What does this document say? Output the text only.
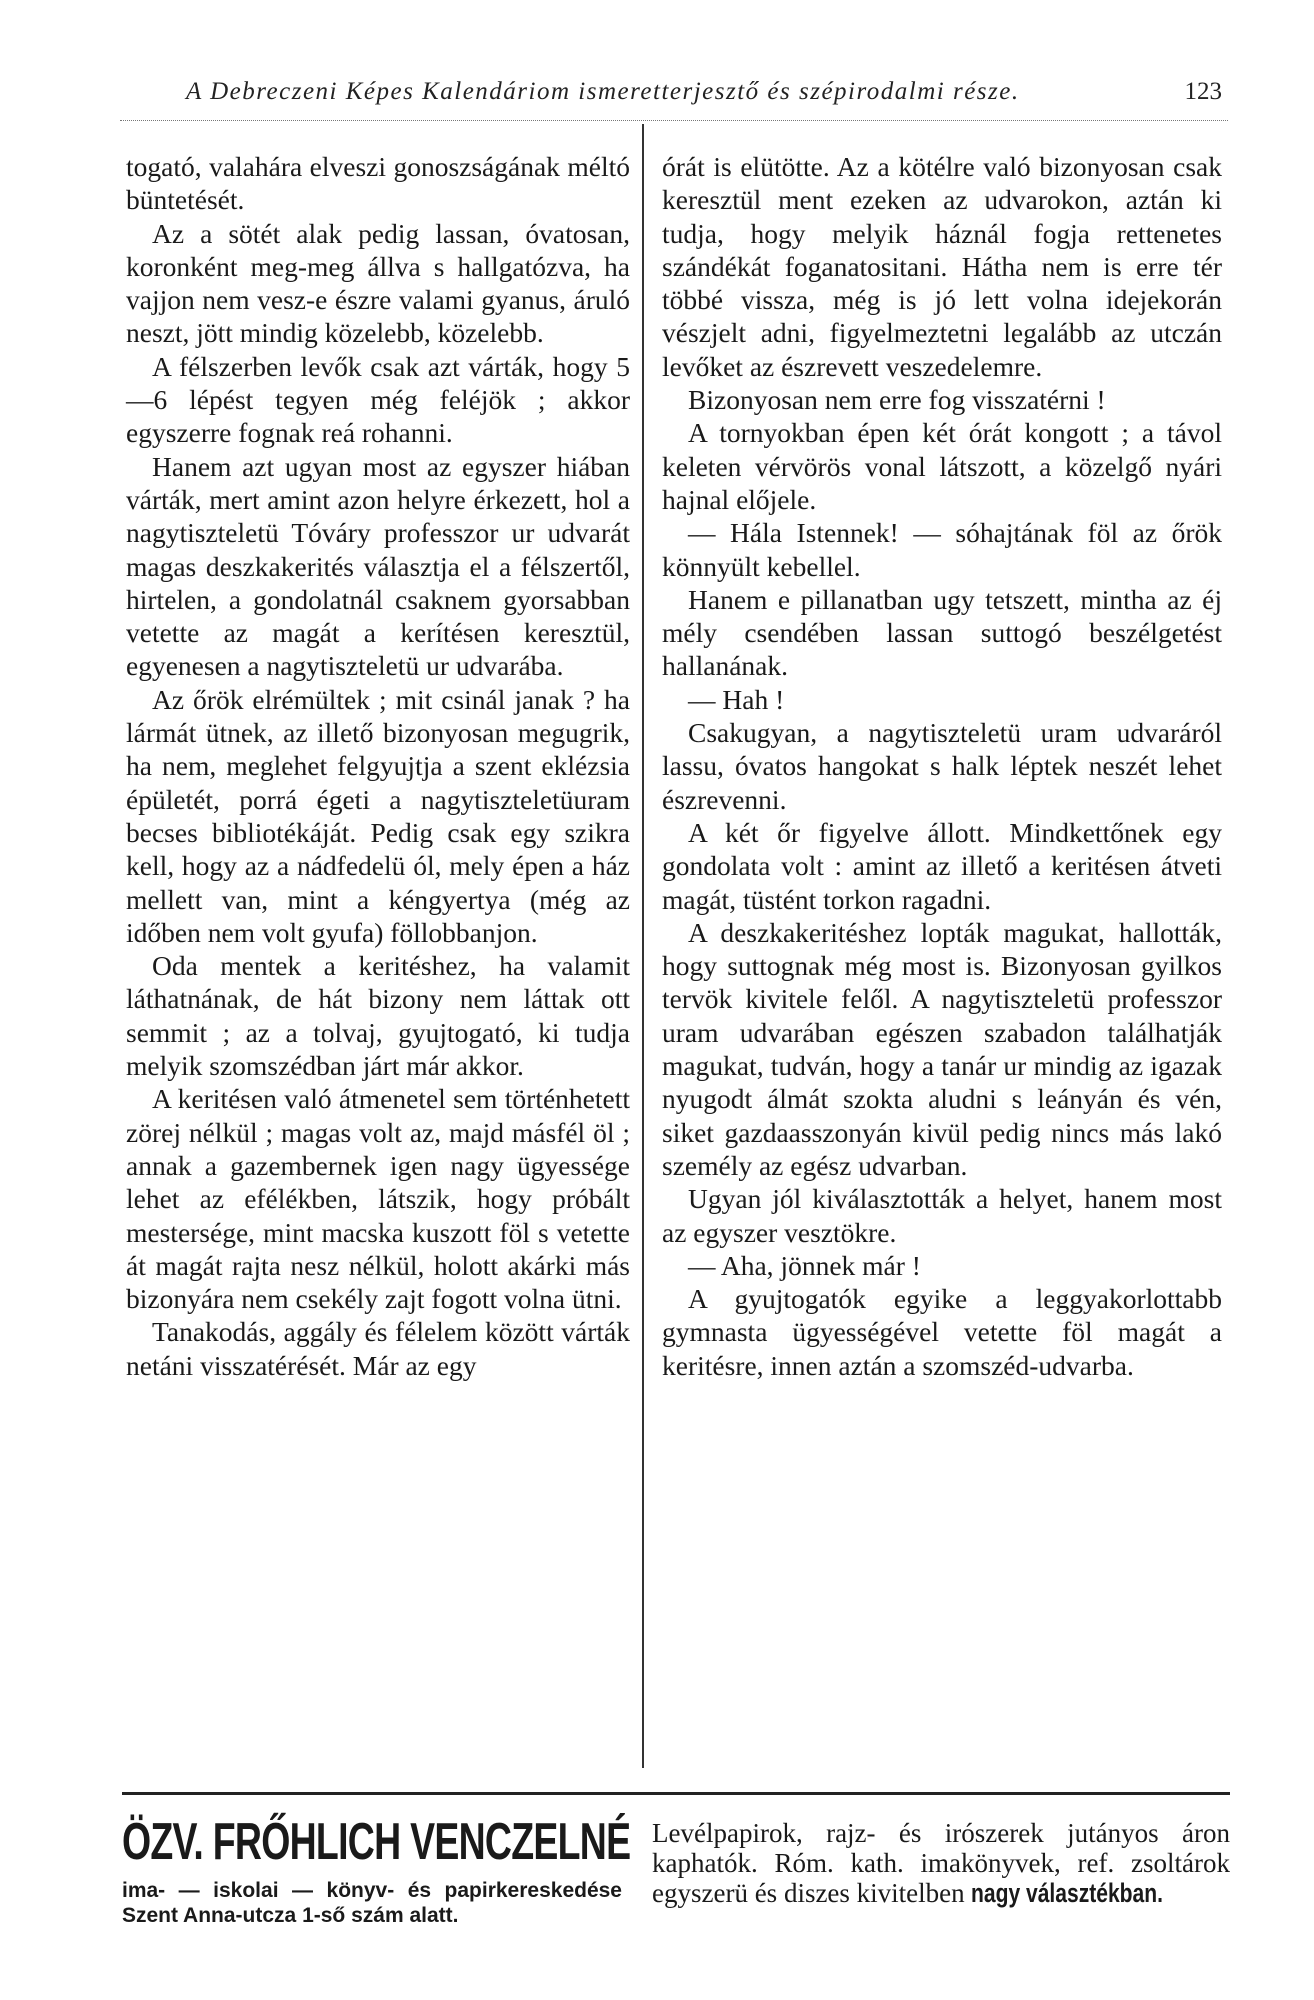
A Debreczeni Képes Kalendáriom ismeretterjesztő és szépirodalmi része.	123

togató, valahára elveszi gonoszságának méltó büntetését.

Az a sötét alak pedig lassan, óvatosan, koronként meg-meg állva s hallgatózva, ha vajjon nem vesz-e észre valami gyanus, áruló neszt, jött mindig közelebb, közelebb.

A félszerben levők csak azt várták, hogy 5—6 lépést tegyen még feléjök ; akkor egyszerre fognak reá rohanni.

Hanem azt ugyan most az egyszer hiában várták, mert amint azon helyre érkezett, hol a nagytiszteletü Tóváry professzor ur udvarát magas deszkakerités választja el a félszertől, hirtelen, a gondolatnál csaknem gyorsabban vetette az magát a kerítésen keresztül, egyenesen a nagytiszteletü ur udvarába.

Az őrök elrémültek ; mit csinál janak ? ha lármát ütnek, az illető bizonyosan megugrik, ha nem, meglehet felgyujtja a szent eklézsia épületét, porrá égeti a nagytiszteletüuram becses bibliotékáját. Pedig csak egy szikra kell, hogy az a nádfedelü ól, mely épen a ház mellett van, mint a kéngyertya (még az időben nem volt gyufa) föllobbanjon.

Oda mentek a keritéshez, ha valamit láthatnának, de hát bizony nem láttak ott semmit ; az a tolvaj, gyujtogató, ki tudja melyik szomszédban járt már akkor.

A keritésen való átmenetel sem történhetett zörej nélkül ; magas volt az, majd másfél öl ; annak a gazembernek igen nagy ügyessége lehet az efélékben, látszik, hogy próbált mestersége, mint macska kuszott föl s vetette át magát rajta nesz nélkül, holott akárki más bizonyára nem csekély zajt fogott volna ütni.

Tanakodás, aggály és félelem között várták netáni visszatérését. Már az egy

órát is elütötte. Az a kötélre való bizonyosan csak keresztül ment ezeken az udvarokon, aztán ki tudja, hogy melyik háznál fogja rettenetes szándékát foganatositani. Hátha nem is erre tér többé vissza, még is jó lett volna idejekorán vészjelt adni, figyelmeztetni legalább az utczán levőket az észrevett veszedelemre.

Bizonyosan nem erre fog visszatérni !

A tornyokban épen két órát kongott ; a távol keleten vérvörös vonal látszott, a közelgő nyári hajnal előjele.

— Hála Istennek! — sóhajtának föl az őrök könnyült kebellel.

Hanem e pillanatban ugy tetszett, mintha az éj mély csendében lassan suttogó beszélgetést hallanának.

— Hah !

Csakugyan, a nagytiszteletü uram udvaráról lassu, óvatos hangokat s halk léptek neszét lehet észrevenni.

A két őr figyelve állott. Mindkettőnek egy gondolata volt : amint az illető a keritésen átveti magát, tüstént torkon ragadni.

A deszkakeritéshez lopták magukat, hallották, hogy suttognak még most is. Bizonyosan gyilkos tervök kivitele felől. A nagytiszteletü professzor uram udvarában egészen szabadon találhatják magukat, tudván, hogy a tanár ur mindig az igazak nyugodt álmát szokta aludni s leányán és vén, siket gazdaasszonyán kivül pedig nincs más lakó személy az egész udvarban.

Ugyan jól kiválasztották a helyet, hanem most az egyszer vesztökre.

— Aha, jönnek már !

A gyujtogatók egyike a leggyakorlottabb gymnasta ügyességével vetette föl magát a keritésre, innen aztán a szomszéd-udvarba.

ÖZV. FRŐHLICH VENCZELNÉ
ima- — iskolai — könyv- és papirkereskedése Szent Anna-utcza 1-ső szám alatt.
Levélpapirok, rajz- és irószerek jutányos áron kaphatók. Róm. kath. imakönyvek, ref. zsoltárok egyszerü és diszes kivitelben nagy választékban.
